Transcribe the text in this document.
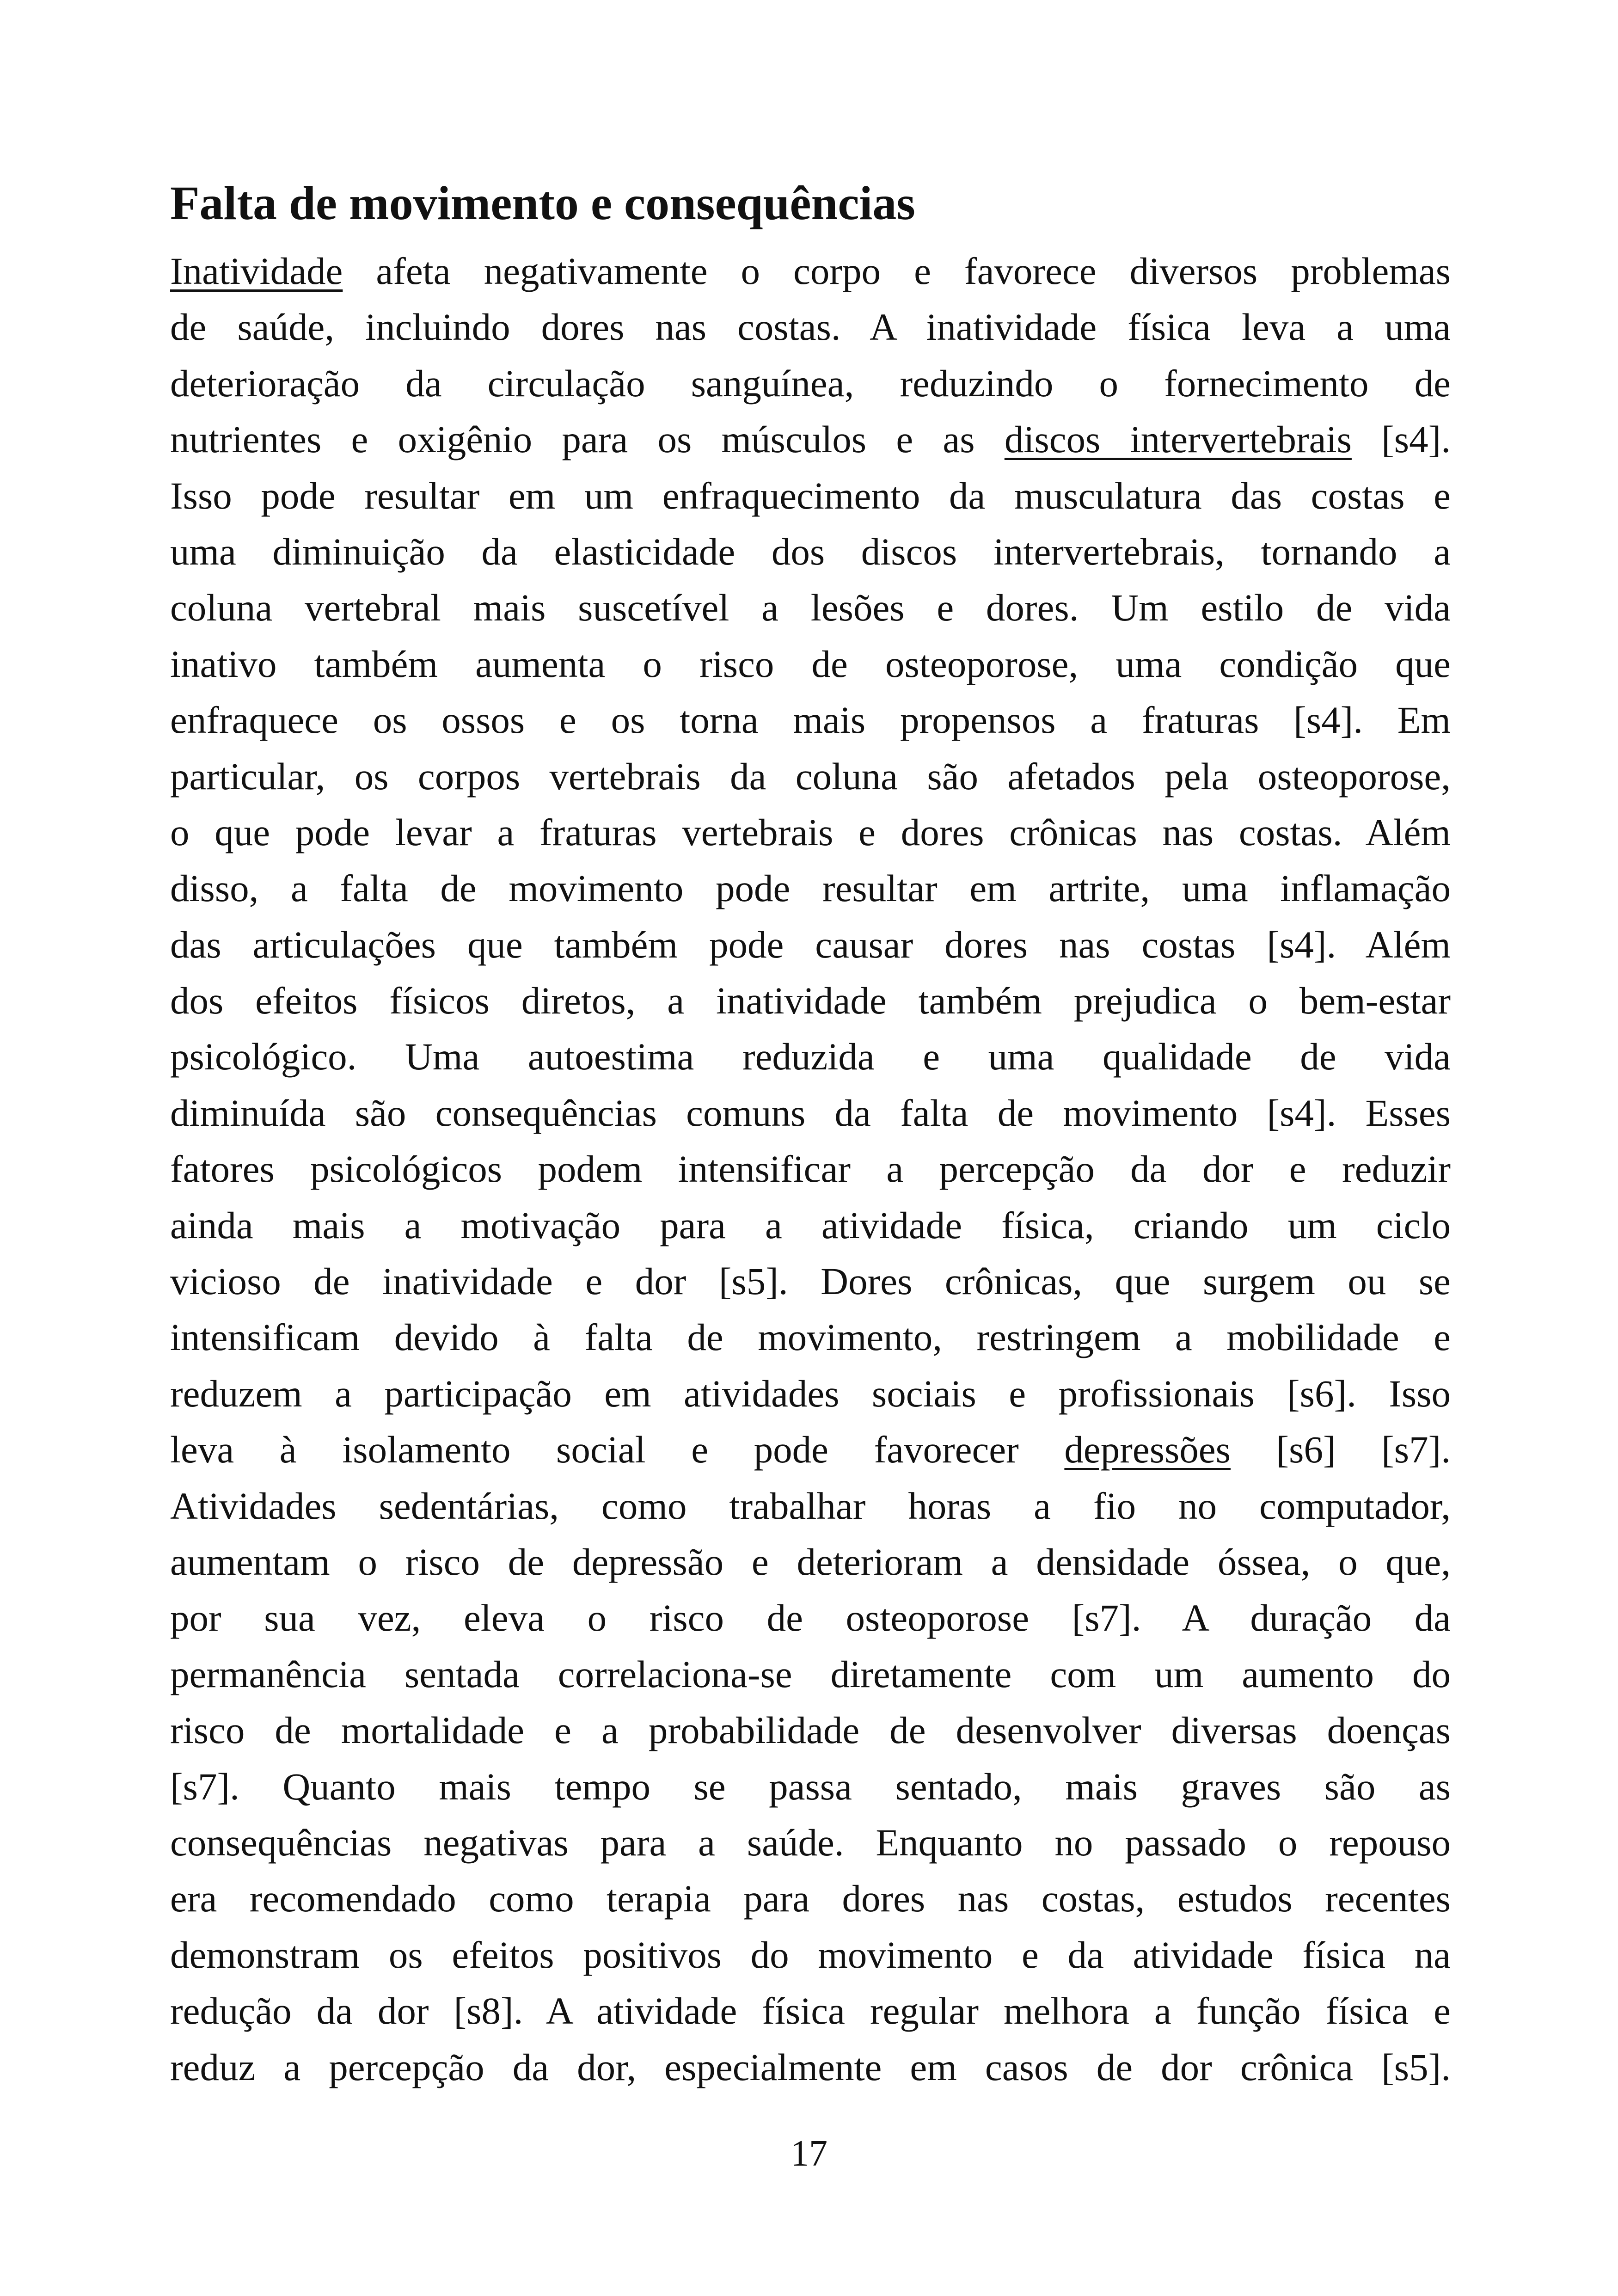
Falta de movimento e consequências
Inatividade afeta negativamente o corpo e favorece diversos problemas
de saúde, incluindo dores nas costas. A inatividade física leva a uma
deterioração da circulação sanguínea, reduzindo o fornecimento de
nutrientes e oxigênio para os músculos e as discos intervertebrais [s4].
Isso pode resultar em um enfraquecimento da musculatura das costas e
uma diminuição da elasticidade dos discos intervertebrais, tornando a
coluna vertebral mais suscetível a lesões e dores. Um estilo de vida
inativo também aumenta o risco de osteoporose, uma condição que
enfraquece os ossos e os torna mais propensos a fraturas [s4]. Em
particular, os corpos vertebrais da coluna são afetados pela osteoporose,
o que pode levar a fraturas vertebrais e dores crônicas nas costas. Além
disso, a falta de movimento pode resultar em artrite, uma inflamação
das articulações que também pode causar dores nas costas [s4]. Além
dos efeitos físicos diretos, a inatividade também prejudica o bem-estar
psicológico. Uma autoestima reduzida e uma qualidade de vida
diminuída são consequências comuns da falta de movimento [s4]. Esses
fatores psicológicos podem intensificar a percepção da dor e reduzir
ainda mais a motivação para a atividade física, criando um ciclo
vicioso de inatividade e dor [s5]. Dores crônicas, que surgem ou se
intensificam devido à falta de movimento, restringem a mobilidade e
reduzem a participação em atividades sociais e profissionais [s6]. Isso
leva à isolamento social e pode favorecer depressões [s6] [s7].
Atividades sedentárias, como trabalhar horas a fio no computador,
aumentam o risco de depressão e deterioram a densidade óssea, o que,
por sua vez, eleva o risco de osteoporose [s7]. A duração da
permanência sentada correlaciona-se diretamente com um aumento do
risco de mortalidade e a probabilidade de desenvolver diversas doenças
[s7]. Quanto mais tempo se passa sentado, mais graves são as
consequências negativas para a saúde. Enquanto no passado o repouso
era recomendado como terapia para dores nas costas, estudos recentes
demonstram os efeitos positivos do movimento e da atividade física na
redução da dor [s8]. A atividade física regular melhora a função física e
reduz a percepção da dor, especialmente em casos de dor crônica [s5].
17
